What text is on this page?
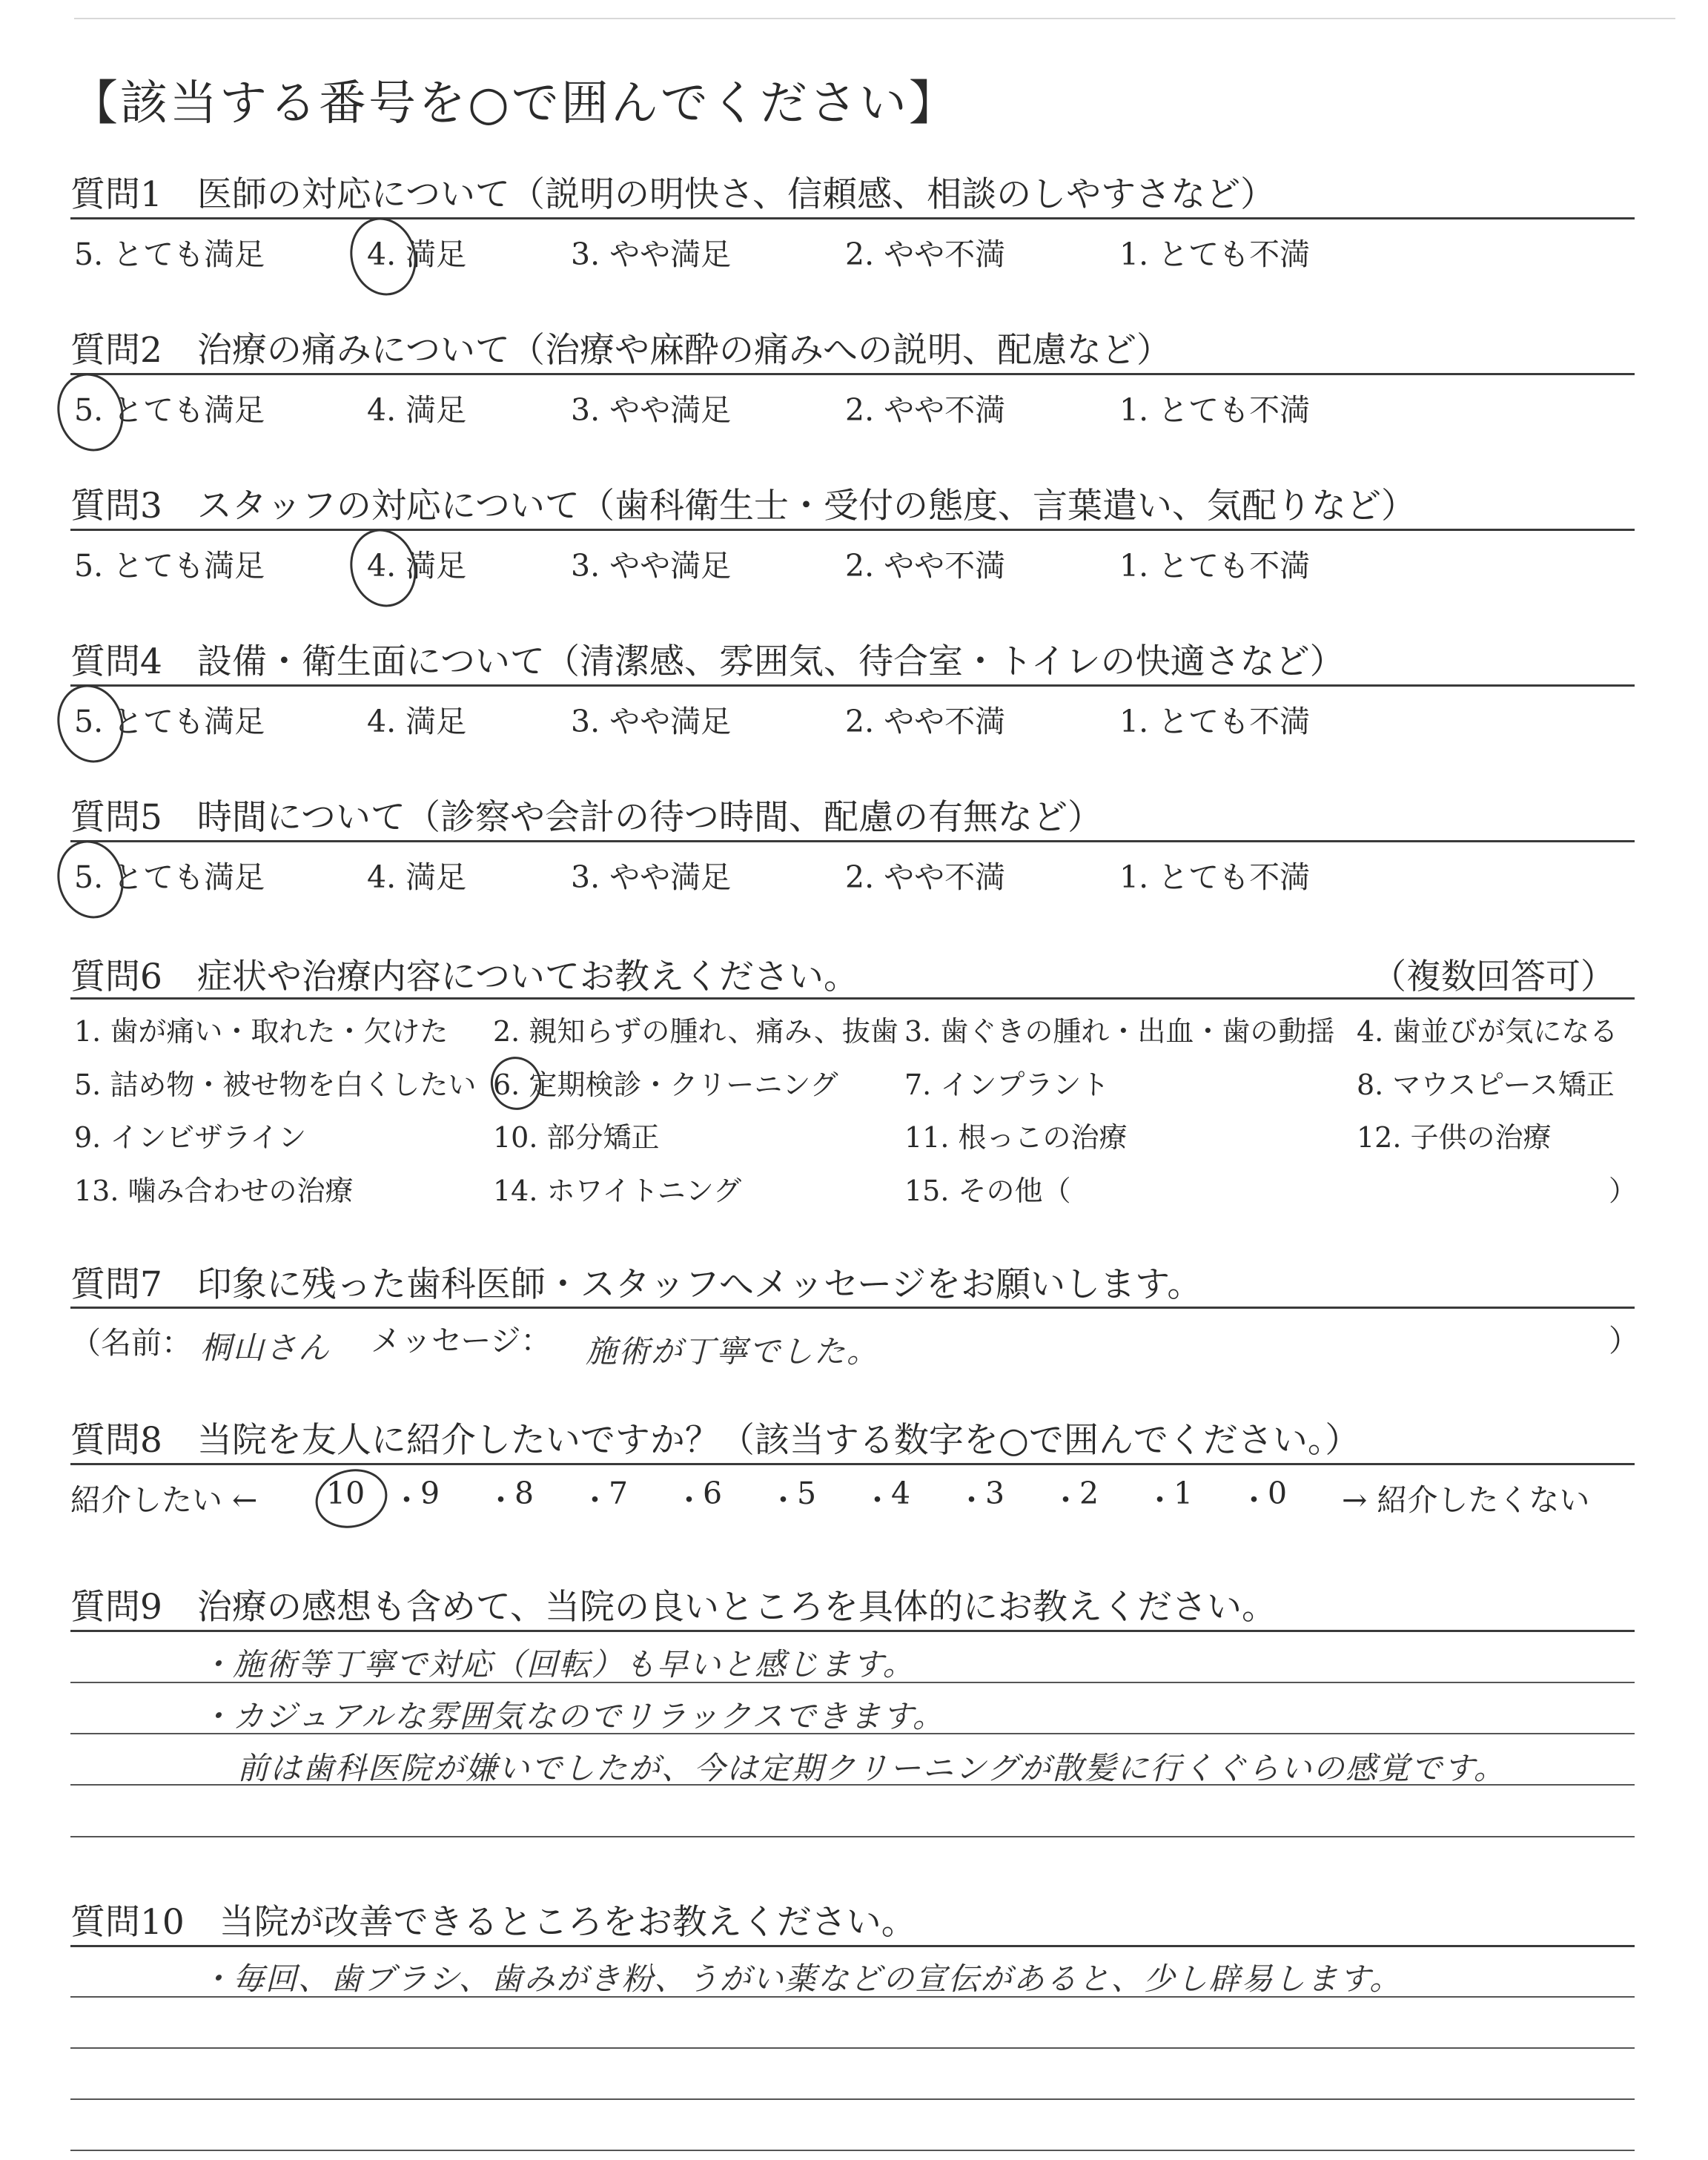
【該当する番号を○で囲んでください】
質問1　医師の対応について（説明の明快さ、信頼感、相談のしやすさなど）
5. とても満足	4. 満足	3. やや満足	2. やや不満	1. とても不満
質問2　治療の痛みについて（治療や麻酔の痛みへの説明、配慮など）
5. とても満足	4. 満足	3. やや満足	2. やや不満	1. とても不満
質問3　スタッフの対応について（歯科衛生士・受付の態度、言葉遣い、気配りなど）
5. とても満足	4. 満足	3. やや満足	2. やや不満	1. とても不満
質問4　設備・衛生面について（清潔感、雰囲気、待合室・トイレの快適さなど）
5. とても満足	4. 満足	3. やや満足	2. やや不満	1. とても不満
質問5　時間について（診察や会計の待つ時間、配慮の有無など）
5. とても満足	4. 満足	3. やや満足	2. やや不満	1. とても不満
質問6　症状や治療内容についてお教えください。	（複数回答可）
1. 歯が痛い・取れた・欠けた 2. 親知らずの腫れ、痛み、抜歯 3. 歯ぐきの腫れ・出血・歯の動揺 4. 歯並びが気になる
5. 詰め物・被せ物を白くしたい 6. 定期検診・クリーニング 7. インプラント	8. マウスピース矯正
9. インビザライン	10. 部分矯正	11. 根っこの治療	12. 子供の治療
13. 噛み合わせの治療	14. ホワイトニング	15. その他（	）
質問7　印象に残った歯科医師・スタッフへメッセージをお願いします。
（名前： 桐山さん メッセージ： 施術が丁寧でした。	）
質問8　当院を友人に紹介したいですか？（該当する数字を○で囲んでください。）
紹介したい ← 10 ・
9 ・
8 ・
7 ・
6 ・
5 ・
4 ・
3 ・
2 ・
1 ・
0 → 紹介したくない
質問9　治療の感想も含めて、当院の良いところを具体的にお教えください。
・施術等丁寧で対応（回転）も早いと感じます。
・カジュアルな雰囲気なのでリラックスできます。
前は歯科医院が嫌いでしたが、今は定期クリーニングが散髪に行くぐらいの感覚です。
質問10　当院が改善できるところをお教えください。
・毎回、歯ブラシ、歯みがき粉、うがい薬などの宣伝があると、少し辟易します。
